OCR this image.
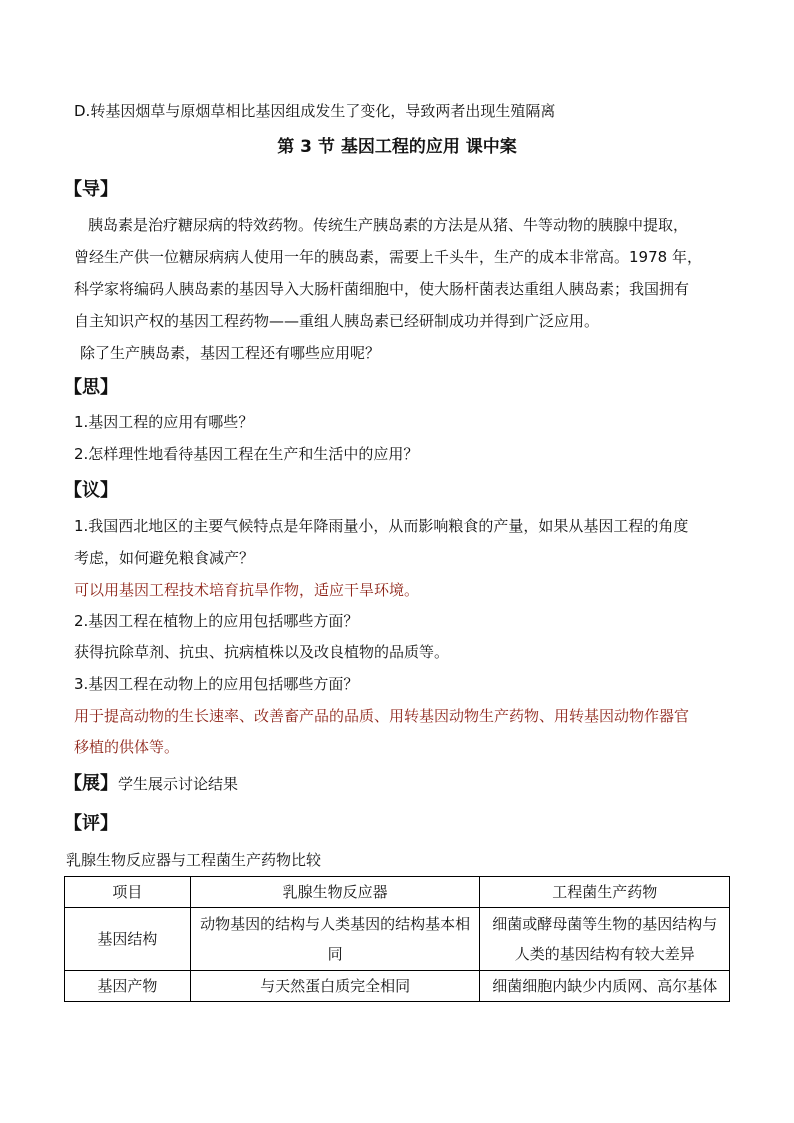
D.转基因烟草与原烟草相比基因组成发生了变化，导致两者出现生殖隔离
第 3 节 基因工程的应用 课中案
【导】
胰岛素是治疗糖尿病的特效药物。传统生产胰岛素的方法是从猪、牛等动物的胰腺中提取，
曾经生产供一位糖尿病病人使用一年的胰岛素，需要上千头牛，生产的成本非常高。1978 年，
科学家将编码人胰岛素的基因导入大肠杆菌细胞中，使大肠杆菌表达重组人胰岛素；我国拥有
自主知识产权的基因工程药物——重组人胰岛素已经研制成功并得到广泛应用。
除了生产胰岛素，基因工程还有哪些应用呢？
【思】
1.基因工程的应用有哪些？
2.怎样理性地看待基因工程在生产和生活中的应用？
【议】
1.我国西北地区的主要气候特点是年降雨量小，从而影响粮食的产量，如果从基因工程的角度
考虑，如何避免粮食减产？
可以用基因工程技术培育抗旱作物，适应干旱环境。
2.基因工程在植物上的应用包括哪些方面？
获得抗除草剂、抗虫、抗病植株以及改良植物的品质等。
3.基因工程在动物上的应用包括哪些方面？
用于提高动物的生长速率、改善畜产品的品质、用转基因动物生产药物、用转基因动物作器官
移植的供体等。
【展】学生展示讨论结果
【评】
乳腺生物反应器与工程菌生产药物比较
项目	乳腺生物反应器	工程菌生产药物
基因结构	动物基因的结构与人类基因的结构基本相同	细菌或酵母菌等生物的基因结构与人类的基因结构有较大差异
基因产物	与天然蛋白质完全相同	细菌细胞内缺少内质网、高尔基体
